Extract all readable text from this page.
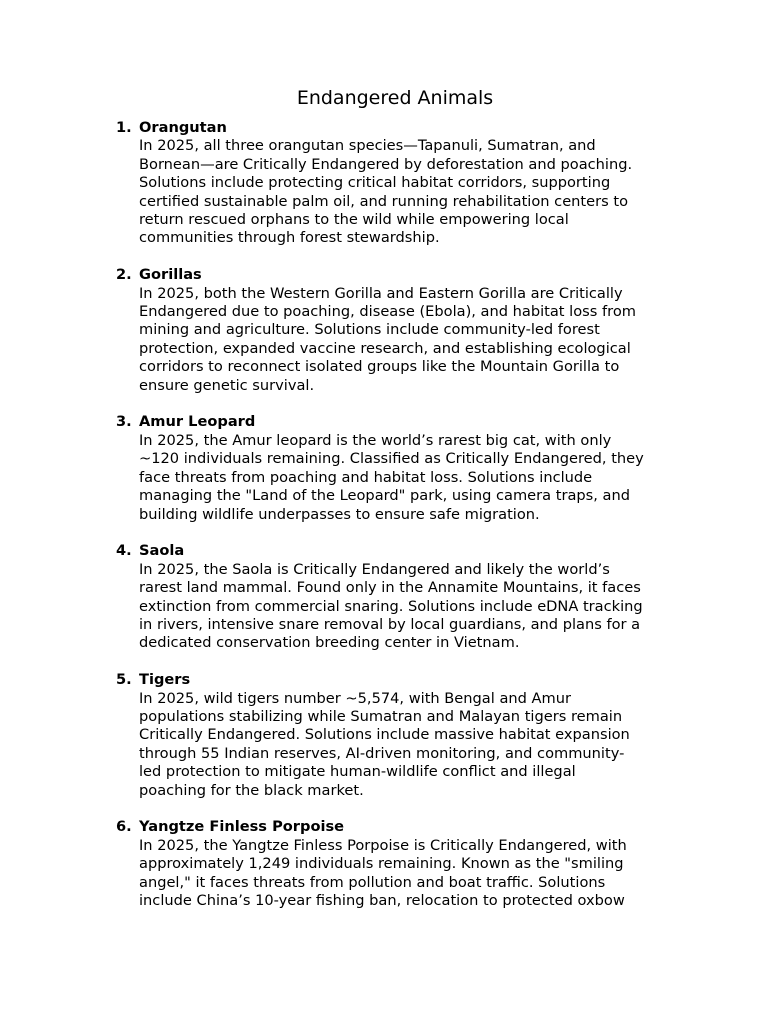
Endangered Animals
1. Orangutan
In 2025, all three orangutan species—Tapanuli, Sumatran, and
Bornean—are Critically Endangered by deforestation and poaching.
Solutions include protecting critical habitat corridors, supporting
certified sustainable palm oil, and running rehabilitation centers to
return rescued orphans to the wild while empowering local
communities through forest stewardship.
2. Gorillas
In 2025, both the Western Gorilla and Eastern Gorilla are Critically
Endangered due to poaching, disease (Ebola), and habitat loss from
mining and agriculture. Solutions include community-led forest
protection, expanded vaccine research, and establishing ecological
corridors to reconnect isolated groups like the Mountain Gorilla to
ensure genetic survival.
3. Amur Leopard
In 2025, the Amur leopard is the world’s rarest big cat, with only
~120 individuals remaining. Classified as Critically Endangered, they
face threats from poaching and habitat loss. Solutions include
managing the "Land of the Leopard" park, using camera traps, and
building wildlife underpasses to ensure safe migration.
4. Saola
In 2025, the Saola is Critically Endangered and likely the world’s
rarest land mammal. Found only in the Annamite Mountains, it faces
extinction from commercial snaring. Solutions include eDNA tracking
in rivers, intensive snare removal by local guardians, and plans for a
dedicated conservation breeding center in Vietnam.
5. Tigers
In 2025, wild tigers number ~5,574, with Bengal and Amur
populations stabilizing while Sumatran and Malayan tigers remain
Critically Endangered. Solutions include massive habitat expansion
through 55 Indian reserves, AI-driven monitoring, and community-
led protection to mitigate human-wildlife conflict and illegal
poaching for the black market.
6. Yangtze Finless Porpoise
In 2025, the Yangtze Finless Porpoise is Critically Endangered, with
approximately 1,249 individuals remaining. Known as the "smiling
angel," it faces threats from pollution and boat traffic. Solutions
include China’s 10-year fishing ban, relocation to protected oxbow
